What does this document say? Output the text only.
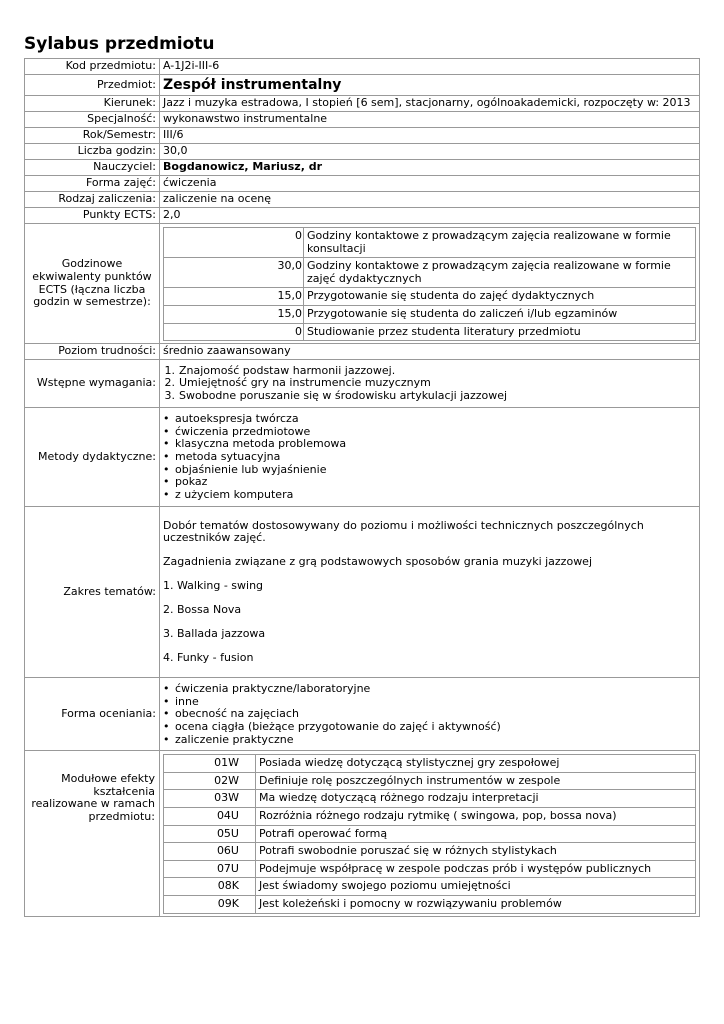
Sylabus przedmiotu
Kod przedmiotu:	A-1J2i-III-6
Przedmiot:	Zespół instrumentalny
Kierunek:	Jazz i muzyka estradowa, I stopień [6 sem], stacjonarny, ogólnoakademicki, rozpoczęty w: 2013
Specjalność:	wykonawstwo instrumentalne
Rok/Semestr:	III/6
Liczba godzin:	30,0
Nauczyciel:	Bogdanowicz, Mariusz, dr
Forma zajęć:	ćwiczenia
Rodzaj zaliczenia:	zaliczenie na ocenę
Punkty ECTS:	2,0
Godzinowe ekwiwalenty punktów ECTS (łączna liczba godzin w semestrze):	
0	Godziny kontaktowe z prowadzącym zajęcia realizowane w formie konsultacji
30,0	Godziny kontaktowe z prowadzącym zajęcia realizowane w formie zajęć dydaktycznych
15,0	Przygotowanie się studenta do zajęć dydaktycznych
15,0	Przygotowanie się studenta do zaliczeń i/lub egzaminów
0	Studiowanie przez studenta literatury przedmiotu

Poziom trudności:	średnio zaawansowany
Wstępne wymagania:	
1. Znajomość podstaw harmonii jazzowej.
2. Umiejętność gry na instrumencie muzycznym
3. Swobodne poruszanie się w środowisku artykulacji jazzowej

Metody dydaktyczne:	
• autoekspresja twórcza
• ćwiczenia przedmiotowe
• klasyczna metoda problemowa
• metoda sytuacyjna
• objaśnienie lub wyjaśnienie
• pokaz
• z użyciem komputera

Zakres tematów:	

Dobór tematów dostosowywany do poziomu i możliwości technicznych poszczególnych uczestników zajęć.

Zagadnienia związane z grą podstawowych sposobów grania muzyki jazzowej

1. Walking - swing

2. Bossa Nova

3. Ballada jazzowa

4. Funky - fusion

Forma oceniania:	
• ćwiczenia praktyczne/laboratoryjne
• inne
• obecność na zajęciach
• ocena ciągła (bieżące przygotowanie do zajęć i aktywność)
• zaliczenie praktyczne

Modułowe efekty kształcenia realizowane w ramach przedmiotu:	
01W	Posiada wiedzę dotyczącą stylistycznej gry zespołowej
02W	Definiuje rolę poszczególnych instrumentów w zespole
03W	Ma wiedzę dotyczącą różnego rodzaju interpretacji
04U	Rozróżnia różnego rodzaju rytmikę ( swingowa, pop, bossa nova)
05U	Potrafi operować formą
06U	Potrafi swobodnie poruszać się w różnych stylistykach
07U	Podejmuje współpracę w zespole podczas prób i występów publicznych
08K	Jest świadomy swojego poziomu umiejętności
09K	Jest koleżeński i pomocny w rozwiązywaniu problemów
